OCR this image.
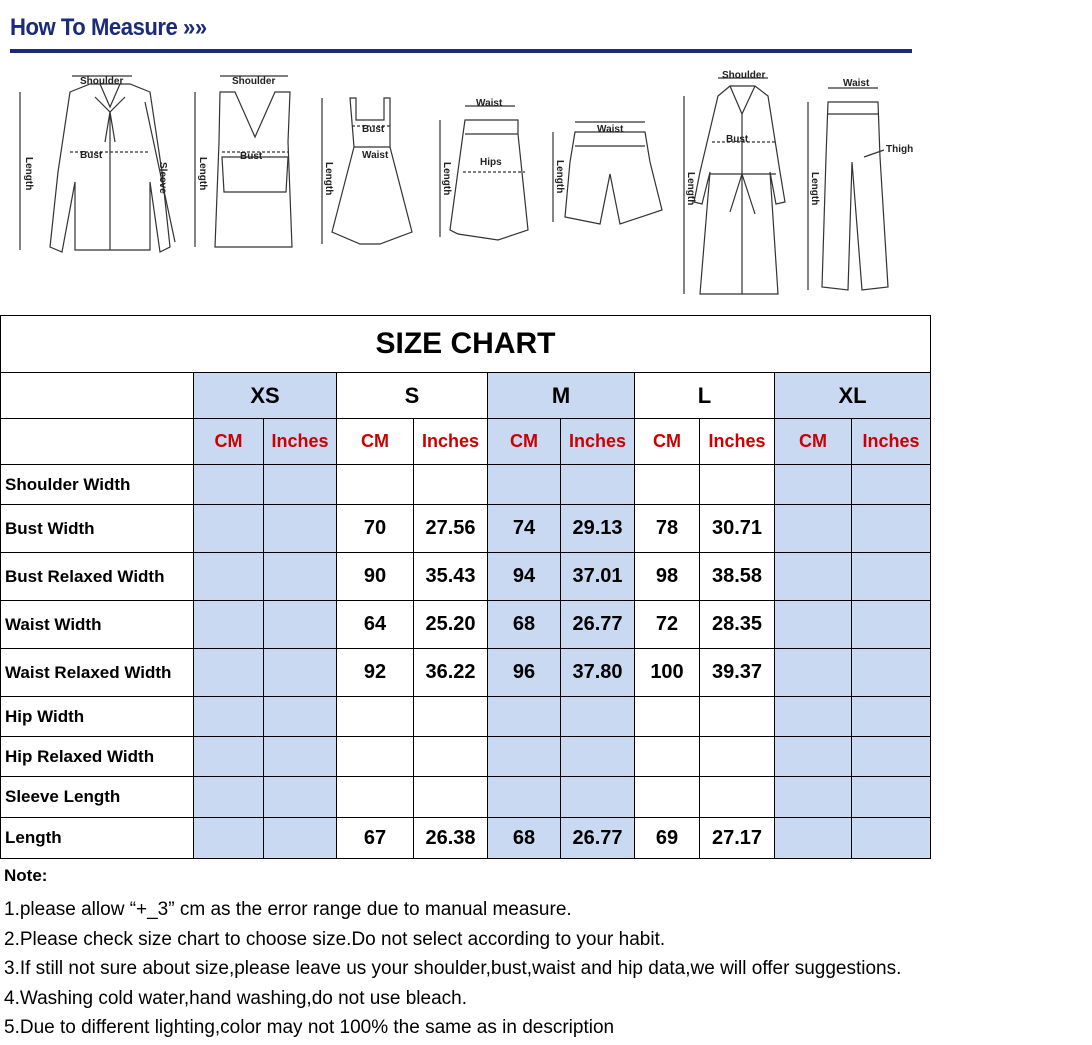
How To Measure »»
Shoulder
Bust
Sleeve
Length
Shoulder
Bust
Length
Bust
Waist
Length
Waist
Hips
Length
Waist
Length
Shoulder
Bust
Length
Waist
Thigh
Length
SIZE CHART										
	XS		S		M		L		XL	
	CM	Inches	CM	Inches	CM	Inches	CM	Inches	CM	Inches
Shoulder Width										
Bust Width			70	27.56	74	29.13	78	30.71		
Bust Relaxed Width			90	35.43	94	37.01	98	38.58		
Waist Width			64	25.20	68	26.77	72	28.35		
Waist Relaxed Width			92	36.22	96	37.80	100	39.37		
Hip Width										
Hip Relaxed Width										
Sleeve Length										
Length			67	26.38	68	26.77	69	27.17		
Note:
1.please allow “+_3” cm as the error range due to manual measure.
2.Please check size chart to choose size.Do not select according to your habit.
3.If still not sure about size,please leave us your shoulder,bust,waist and hip data,we will offer suggestions.
4.Washing cold water,hand washing,do not use bleach.
5.Due to different lighting,color may not 100% the same as in description
